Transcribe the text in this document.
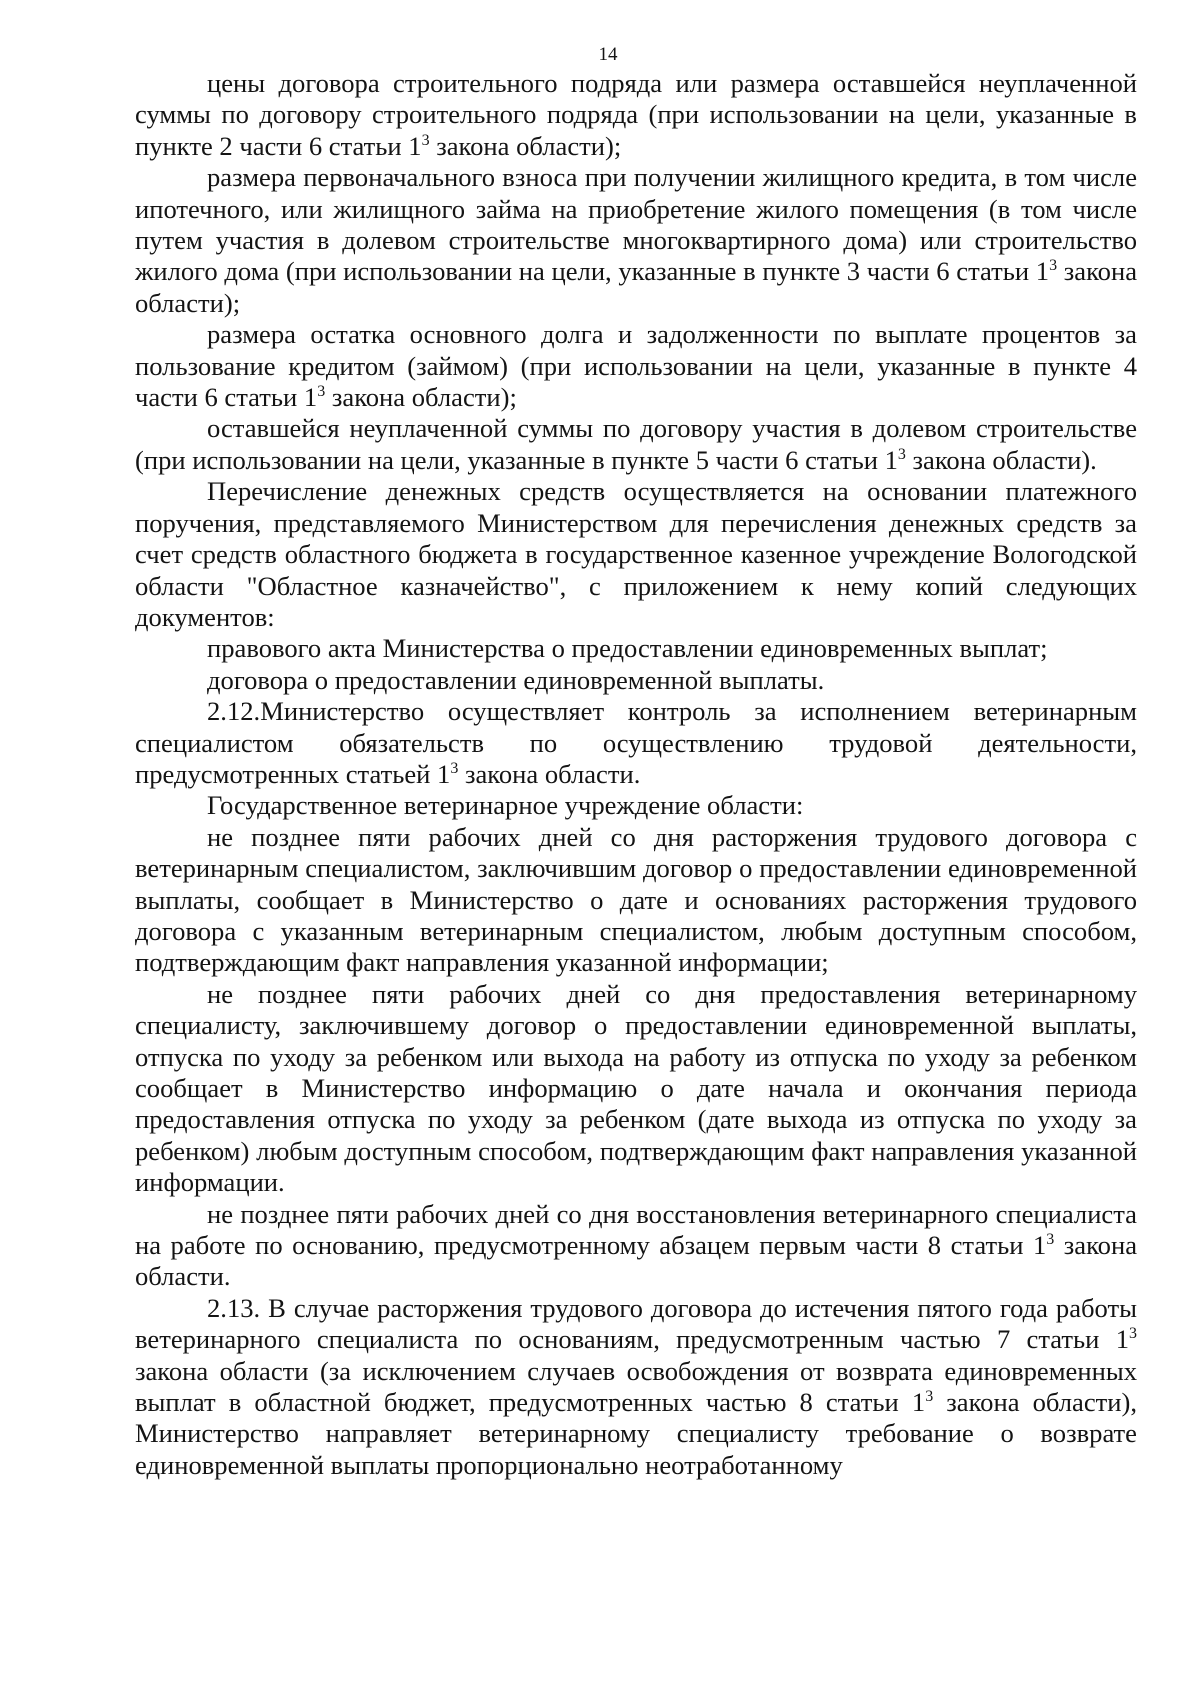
14

цены договора строительного подряда или размера оставшейся неуплаченной суммы по договору строительного подряда (при использовании на цели, указанные в пункте 2 части 6 статьи $1^3$ закона области);

размера первоначального взноса при получении жилищного кредита, в том числе ипотечного, или жилищного займа на приобретение жилого помещения (в том числе путем участия в долевом строительстве многоквартирного дома) или строительство жилого дома (при использовании на цели, указанные в пункте 3 части 6 статьи $1^3$ закона области);

размера остатка основного долга и задолженности по выплате процентов за пользование кредитом (займом) (при использовании на цели, указанные в пункте 4 части 6 статьи $1^3$ закона области);

оставшейся неуплаченной суммы по договору участия в долевом строительстве (при использовании на цели, указанные в пункте 5 части 6 статьи $1^3$ закона области).

Перечисление денежных средств осуществляется на основании платежного поручения, представляемого Министерством для перечисления денежных средств за счет средств областного бюджета в государственное казенное учреждение Вологодской области "Областное казначейство", с приложением к нему копий следующих документов:

правового акта Министерства о предоставлении единовременных выплат;

договора о предоставлении единовременной выплаты.

2.12.Министерство осуществляет контроль за исполнением ветеринарным специалистом обязательств по осуществлению трудовой деятельности, предусмотренных статьей $1^3$ закона области.

Государственное ветеринарное учреждение области:

не позднее пяти рабочих дней со дня расторжения трудового договора с ветеринарным специалистом, заключившим договор о предоставлении единовременной выплаты, сообщает в Министерство о дате и основаниях расторжения трудового договора с указанным ветеринарным специалистом, любым доступным способом, подтверждающим факт направления указанной информации;

не позднее пяти рабочих дней со дня предоставления ветеринарному специалисту, заключившему договор о предоставлении единовременной выплаты, отпуска по уходу за ребенком или выхода на работу из отпуска по уходу за ребенком сообщает в Министерство информацию о дате начала и окончания периода предоставления отпуска по уходу за ребенком (дате выхода из отпуска по уходу за ребенком) любым доступным способом, подтверждающим факт направления указанной информации.

не позднее пяти рабочих дней со дня восстановления ветеринарного специалиста на работе по основанию, предусмотренному абзацем первым части 8 статьи $1^3$ закона области.

2.13. В случае расторжения трудового договора до истечения пятого года работы ветеринарного специалиста по основаниям, предусмотренным частью 7 статьи $1^3$ закона области (за исключением случаев освобождения от возврата единовременных выплат в областной бюджет, предусмотренных частью 8 статьи $1^3$ закона области), Министерство направляет ветеринарному специалисту требование о возврате единовременной выплаты пропорционально неотработанному
